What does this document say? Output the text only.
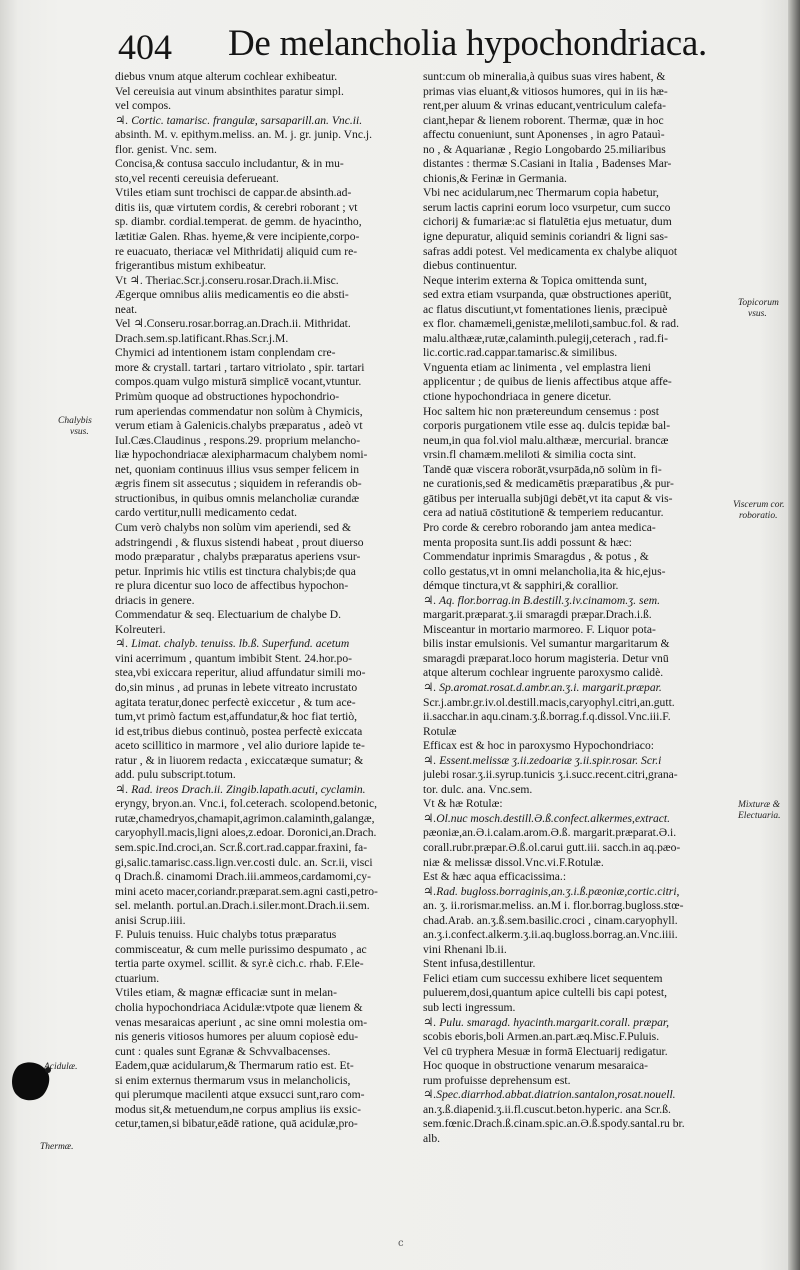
404 De melancholia hypochondriaca.
diebus vnum atque alterum cochlear exhibeatur.
Vel cereuisia aut vinum absinthites paratur simpl.
vel compos.
♃. Cortic. tamarisc. frangulæ, sarsaparill.an. Vnc.ii.
absinth. M. v. epithym.meliss. an. M. j. gr. junip. Vnc.j.
flor. genist. Vnc. sem.
Concisa,& contusa sacculo includantur, & in mu-
sto,vel recenti cereuisia deferueant.
Vtiles etiam sunt trochisci de cappar.de absinth.ad-
ditis iis, quæ virtutem cordis, & cerebri roborant ; vt
sp. diambr. cordial.temperat. de gemm. de hyacintho,
lætitiæ Galen. Rhas. hyeme,& vere incipiente,corpo-
re euacuato, theriacæ vel Mithridatij aliquid cum re-
frigerantibus mistum exhibeatur.
Vt ♃. Theriac.Scr.j.conseru.rosar.Drach.ii.Misc.
Ægerque omnibus aliis medicamentis eo die absti-
neat.
Vel ♃.Conseru.rosar.borrag.an.Drach.ii. Mithridat.
Drach.sem.sp.latificant.Rhas.Scr.j.M.
Chymici ad intentionem istam conplendam cre-
more & crystall. tartari , tartaro vitriolato , spir. tartari
compos.quam vulgo misturā simplicē vocant,vtuntur.
Primùm quoque ad obstructiones hypochondrio-
rum aperiendas commendatur non solùm à Chymicis,
verum etiam à Galenicis.chalybs præparatus , adeò vt
Iul.Cæs.Claudinus , respons.29. proprium melancho-
liæ hypochondriacæ alexipharmacum chalybem nomi-
net, quoniam continuus illius vsus semper felicem in
ægris finem sit assecutus ; siquidem in referandis ob-
structionibus, in quibus omnis melancholiæ curandæ
cardo vertitur,nulli medicamento cedat.
Cum verò chalybs non solùm vim aperiendi, sed &
adstringendi , & fluxus sistendi habeat , prout diuerso
modo præparatur , chalybs præparatus aperiens vsur-
petur. Inprimis hic vtilis est tinctura chalybis;de qua
re plura dicentur suo loco de affectibus hypochon-
driacis in genere.
Commendatur & seq. Electuarium de chalybe D.
Kolreuteri.
♃. Limat. chalyb. tenuiss. lb.ß. Superfund. acetum
vini acerrimum , quantum imbibit Stent. 24.hor.po-
stea,vbi exiccara reperitur, aliud affundatur simili mo-
do,sin minus , ad prunas in lebete vitreato incrustato
agitata teratur,donec perfectè exiccetur , & tum ace-
tum,vt primò factum est,affundatur,& hoc fiat tertiò,
id est,tribus diebus continuò, postea perfectè exiccata
aceto scillitico in marmore , vel alio duriore lapide te-
ratur , & in liuorem redacta , exiccatæque sumatur; &
add. pulu subscript.totum.
♃. Rad. ireos Drach.ii. Zingib.lapath.acuti, cyclamin.
eryngy, bryon.an. Vnc.i, fol.ceterach. scolopend.betonic,
rutæ,chamedryos,chamapit,agrimon.calaminth,galangæ,
caryophyll.macis,ligni aloes,z.edoar. Doronici,an.Drach.
sem.spic.Ind.croci,an. Scr.ß.cort.rad.cappar.fraxini, fa-
gi,salic.tamarisc.cass.lign.ver.costi dulc. an. Scr.ii, visci
q Drach.ß. cinamomi Drach.iii.ammeos,cardamomi,cy-
mini aceto macer,coriandr.præparat.sem.agni casti,petro-
sel. melanth. portul.an.Drach.i.siler.mont.Drach.ii.sem.
anisi Scrup.iiii.
F. Puluis tenuiss. Huic chalybs totus præparatus
commisceatur, & cum melle purissimo despumato , ac
tertia parte oxymel. scillit. & syr.è cich.c. rhab. F.Ele-
ctuarium.
Vtiles etiam, & magnæ efficaciæ sunt in melan-
cholia hypochondriaca Acidulæ:vtpote quæ lienem &
venas mesaraicas aperiunt , ac sine omni molestia om-
nis generis vitiosos humores per aluum copiosè edu-
cunt : quales sunt Egranæ & Schvvalbacenses.
Eadem,quæ acidularum,& Thermarum ratio est. Et-
si enim externus thermarum vsus in melancholicis,
qui plerumque macilenti atque exsucci sunt,raro com-
modus sit,& metuendum,ne corpus amplius iis exsic-
cetur,tamen,si bibatur,eādē ratione, quā acidulæ,pro-
sunt:cum ob mineralia,à quibus suas vires habent, &
primas vias eluant,& vitiosos humores, qui in iis hæ-
rent,per aluum & vrinas educant,ventriculum calefa-
ciant,hepar & lienem roborent. Thermæ, quæ in hoc
affectu conueniunt, sunt Aponenses , in agro Patauì-
no , & Aquarianæ , Regio Longobardo 25.miliaribus
distantes : thermæ S.Casiani in Italia , Badenses Mar-
chionis,& Ferinæ in Germania.
Vbi nec acidularum,nec Thermarum copia habetur,
serum lactis caprini eorum loco vsurpetur, cum succo
cichorij & fumariæ:ac si flatulētia ejus metuatur, dum
igne depuratur, aliquid seminis coriandri & ligni sas-
safras addi potest. Vel medicamenta ex chalybe aliquot
diebus continuentur.
Neque interim externa & Topica omittenda sunt,
sed extra etiam vsurpanda, quæ obstructiones aperiūt,
ac flatus discutiunt,vt fomentationes lienis, præcipuè
ex flor. chamæmeli,genistæ,meliloti,sambuc.fol. & rad.
malu.althææ,rutæ,calaminth.pulegij,ceterach , rad.fi-
lic.cortic.rad.cappar.tamarisc.& similibus.
Vnguenta etiam ac linimenta , vel emplastra lieni
applicentur ; de quibus de lienis affectibus atque affe-
ctione hypochondriaca in genere dicetur.
Hoc saltem hic non prætereundum censemus : post
corporis purgationem vtile esse aq. dulcis tepidæ bal-
neum,in qua fol.viol malu.althææ, mercurial. brancæ
vrsin.fl chamæm.meliloti & similia cocta sint.
Tandē quæ viscera roborāt,vsurpāda,nō solùm in fi-
ne curationis,sed & medicamētis præparatibus ,& pur-
gātibus per interualla subjūgi debēt,vt ita caput & vis-
cera ad natiuā cōstitutionē & temperiem reducantur.
Pro corde & cerebro roborando jam antea medica-
menta proposita sunt.Iis addi possunt & hæc:
Commendatur inprimis Smaragdus , & potus , &
collo gestatus,vt in omni melancholia,ita & hic,ejus-
démque tinctura,vt & sapphiri,& corallior.
♃. Aq. flor.borrag.in B.destill.ʒ.iv.cinamom.ʒ. sem.
margarit.præparat.ʒ.ii smaragdi præpar.Drach.i.ß.
Misceantur in mortario marmoreo. F. Liquor pota-
bilis instar emulsionis. Vel sumantur margaritarum &
smaragdi præparat.loco horum magisteria. Detur vnū
atque alterum cochlear ingruente paroxysmo calidè.
♃. Sp.aromat.rosat.d.ambr.an.ʒ.i. margarit.præpar.
Scr.j.ambr.gr.iv.ol.destill.macis,caryophyl.citri,an.gutt.
ii.sacchar.in aqu.cinam.ʒ.ß.borrag.f.q.dissol.Vnc.iii.F.
Rotulæ
Efficax est & hoc in paroxysmo Hypochondriaco:
♃. Essent.melissæ ʒ.ii.zedoariæ ʒ.ii.spir.rosar. Scr.i
julebi rosar.ʒ.ii.syrup.tunicis ʒ.i.succ.recent.citri,grana-
tor. dulc. ana. Vnc.sem.
Vt & hæ Rotulæ:
♃.Ol.nuc mosch.destill.Ə.ß.confect.alkermes,extract.
pæoniæ,an.Ə.i.calam.arom.Ə.ß. margarit.præparat.Ə.i.
corall.rubr.præpar.Ə.ß.ol.carui gutt.iii. sacch.in aq.pæo-
niæ & melissæ dissol.Vnc.vi.F.Rotulæ.
Est & hæc aqua efficacissima.:
♃.Rad. bugloss.borraginis,an.ʒ.i.ß.pæoniæ,cortic.citri,
an. ʒ. ii.rorismar.meliss. an.M i. flor.borrag.bugloss.stœ-
chad.Arab. an.ʒ.ß.sem.basilic.croci , cinam.caryophyll.
an.ʒ.i.confect.alkerm.ʒ.ii.aq.bugloss.borrag.an.Vnc.iiii.
vini Rhenani lb.ii.
Stent infusa,destillentur.
Felici etiam cum successu exhibere licet sequentem
puluerem,dosi,quantum apice cultelli bis capi potest,
sub lecti ingressum.
♃. Pulu. smaragd. hyacinth.margarit.corall. præpar,
scobis eboris,boli Armen.an.part.æq.Misc.F.Puluis.
Vel cū tryphera Mesuæ in formā Electuarij redigatur.
Hoc quoque in obstructione venarum mesaraica-
rum profuisse deprehensum est.
♃.Spec.diarrhod.abbat.diatrion.santalon,rosat.nouell.
an.ʒ.ß.diapenid.ʒ.ii.fl.cuscut.beton.hyperic. ana Scr.ß.
sem.fœnic.Drach.ß.cinam.spic.an.Ə.ß.spody.santal.ru br.
alb.
Chalybis
vsus.
Acidulæ.
Thermæ.
Topicorum
vsus.
Viscerum cor.
roboratio.
Mixturæ &
Electuaria.
c
